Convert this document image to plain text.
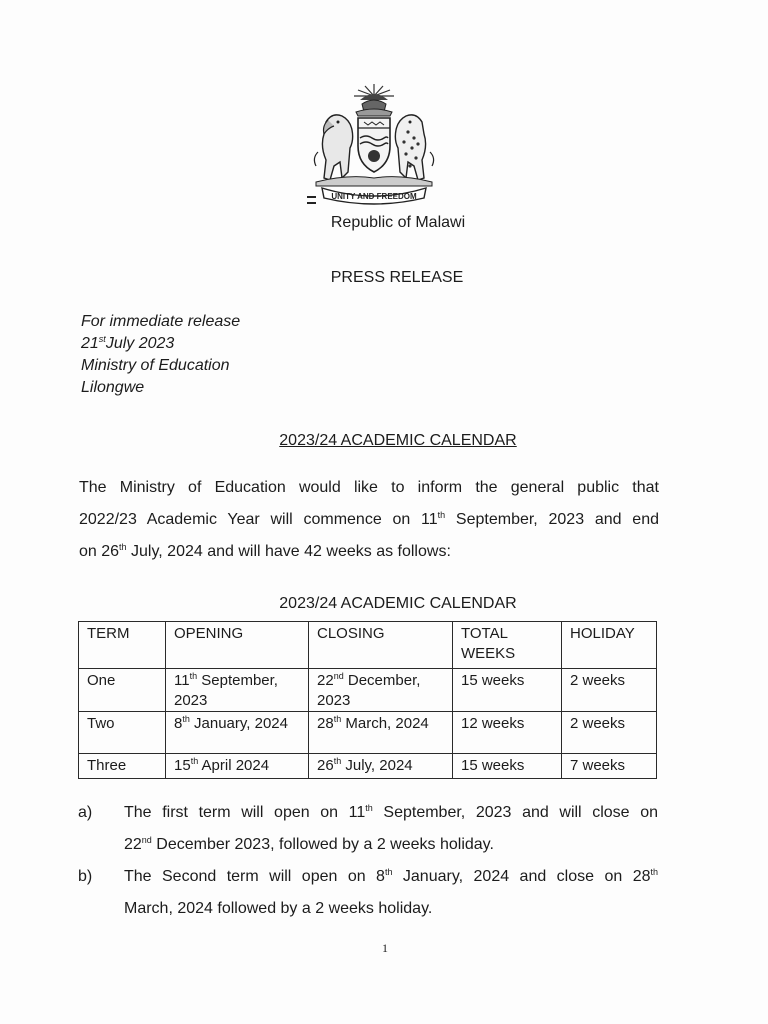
UNITY AND FREEDOM
Republic of Malawi
PRESS RELEASE
For immediate release
21stJuly 2023
Ministry of Education
Lilongwe
2023/24 ACADEMIC CALENDAR
The Ministry of Education would like to inform the general public that
2022/23 Academic Year will commence on 11th September, 2023 and end
on 26th July, 2024 and will have 42 weeks as follows:
2023/24 ACADEMIC CALENDAR
TERM	OPENING	CLOSING	TOTAL WEEKS	HOLIDAY
One	11th September, 2023	22nd December, 2023	15 weeks	2 weeks
Two	8th January, 2024	28th March, 2024	12 weeks	2 weeks
Three	15th April 2024	26th July, 2024	15 weeks	7 weeks
a) The first term will open on 11th September, 2023 and will close on
22nd December 2023, followed by a 2 weeks holiday.
b) The Second term will open on 8th January, 2024 and close on 28th
March, 2024 followed by a 2 weeks holiday.
1
